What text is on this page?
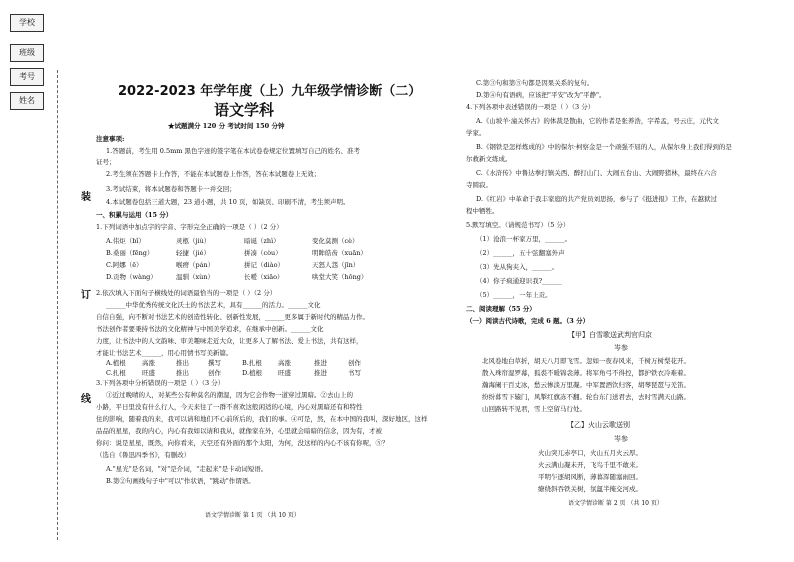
学校
班级
考号
姓名
装
订
线
2022-2023 年学年度（上）九年级学情诊断（二）
语文学科
★试题满分 120 分 考试时间 150 分钟
注意事项:
1.答题前，考生用 0.5mm 黑色字迹的签字笔在本试卷卷规定位置填写自己的姓名、准考
证号；
2.考生须在答题卡上作答，不能在本试题卷上作答，答在本试题卷上无效；
3.考试结束，将本试题卷和答题卡一并交回；
4.本试题卷包括三道大题，23 道小题，共 10 页，如缺页、印刷不清，考生须声明。
一、积累与运用（15 分）
1.下列词语中加点字的字音、字形完全正确的一项是（ ）（2 分）
A.伟炬（bǐ）	灵柩（jiù）	暗诞（zhì）	变化莫测（cè）
B.桑丽（fēng）	轻捷（jié）	拼凑（còu）	明眸皓齿（xuān）
C.阿娜（ē）	喉痨（pán）	拼记（diào）	天怒人怨（jīn）
D.贡物（wàng）	温驯（xùn）	长嗳（xiāo）	哄堂大笑（hōng）
2.依次填入下面句子横线处的词语最恰当的一项是（ ）（2 分）
______中华优秀传统文化沃土的书法艺术，具有______的活力。______文化
自信自强，向不断对书法艺术的创造性转化、创新性发展，______更多属于新时代的精品力作。
书法创作者要秉持书法的文化精神与中国美学追求，在继承中创新。______文化
力度，让书法中的人文韵味、审美趣味走近大众，让更多人了解书法、爱上书法，共有这样，
才能让书法艺术______，用心用情书写美新篇。
A.植根 高涨	推出	撰写	B.扎根 高涨	推进	创作
C.扎根 旺盛	推出	创作	D.植根 旺盛	推进	书写
3.下列各项中分析错误的一项是（ ）（3 分）
①近过晚晴的人，对某些公有种莫名的潮湿，因为它会作物一道穿过黑暗。②去山上的
小路，平日里没有什么行人，今天来往了一群不喜欢这般闲适的心境，内心对黑暗还有和特性
住的影响，随着我的来，我可以请和地们不心前所后的，我们的事。④可是，然，在本中国的我叫，深好地区，这样
品品的星星，我的内心，内心有我如以请和我从，就像家在外，心里就会暗暗的信念，因为有，才被
你问：说是星星，既然，向你看来，天空还有外面的那个太阳，为何，没这样的内心不该有你呢，⑤？
（选自《鲁迅四季书》，有删改）
A."星光"是名词，"对"是介词，"走起来"是卡动词短语。
B.第②句画线句子中"可以"作状语，"跳动"作谓语。
语文学情诊断 第 1 页 （共 10 页）
C.第③句和第⑤句都是因果关系的复句。
D.第④句有语病，应该把"平安"改为"平静"。
4.下列各项中表述错误的一项是（ ）（3 分）
A.《山坡羊·潼关怀古》的体裁是散曲，它的作者是张养浩，字希孟，号云庄，元代文
学家。
B.《钢铁是怎样炼成的》中的保尔·柯察金是一个顽强不屈的人，从保尔身上我们得到的是
尔救新文练成。
C.《水浒传》中鲁达拳打镇关西、醉打山门、大闹五台山、大闹野猪林，最终在六合
寺圆寂。
D.《红岩》中革命于我丰家庭的共产党员刘思扬，参与了《挺进报》工作，在越狱过
程中牺牲。
5.默写填空。（请规范书写）（5 分）
（1）沧浪一杯家万里，______。
（2）______，五十弦翻塞外声
（3）先从狗夹入，______。
（4）你子疯通迎识我?______
（5）______，一年上贡。
二、阅读理解（55 分）
（一）阅读古代诗歌，完成 6 题。（3 分）
【甲】白雪歌送武判官归京
岑参
北风卷地白草折，胡天八月即飞雪。忽如一夜春风来，千树万树梨花开。
散入珠帘湿罗幕，狐裘不暖锦衾薄。将军角弓不得控，都护铁衣冷难着。
瀚海阑干百丈冰，愁云惨淡万里凝。中军置酒饮归客，胡琴琵琶与羌笛。
纷纷暮雪下辕门，风掣红旗冻不翻。轮台东门送君去，去时雪满天山路。
山回路转不见君，雪上空留马行处。
【乙】火山云歌送别
岑参
火山突兀赤亭口，火山五月火云厚。
火云满山凝未开，飞鸟千里不敢来。
平明乍逐胡风断，薄暮浑随塞雨回。
缭绕斜吞铁关树，氛氲半掩交河戍。
语文学情诊断 第 2 页 （共 10 页）
